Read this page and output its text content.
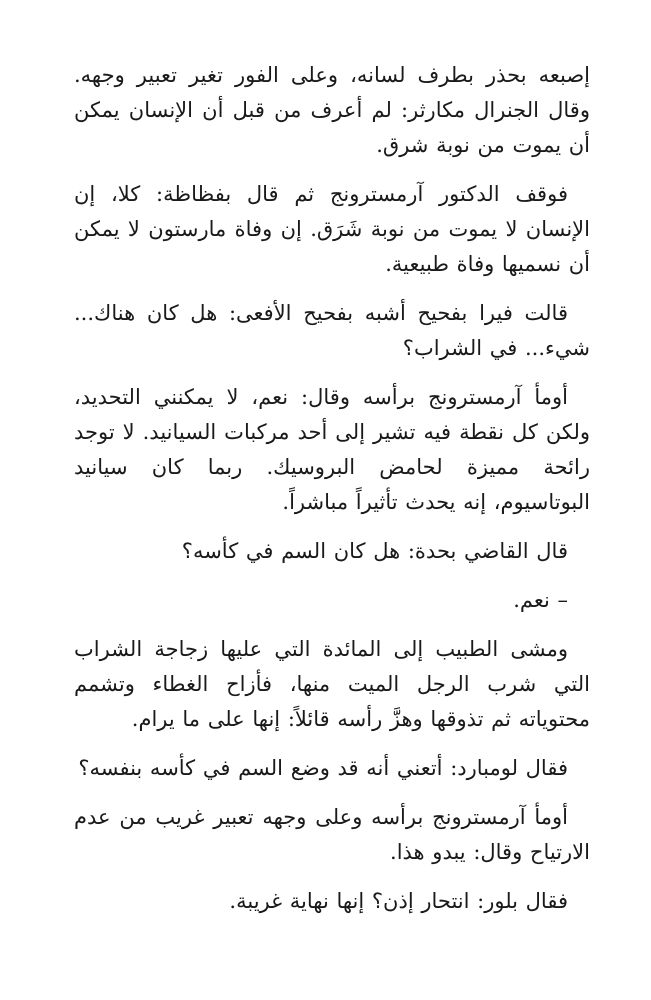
إصبعه بحذر بطرف لسانه، وعلى الفور تغير تعبير وجهه. وقال الجنرال مكارثر: لم أعرف من قبل أن الإنسان يمكن أن يموت من نوبة شرق.

فوقف الدكتور آرمسترونج ثم قال بفظاظة: كلا، إن الإنسان لا يموت من نوبة شَرَق. إن وفاة مارستون لا يمكن أن نسميها وفاة طبيعية.

قالت فيرا بفحيح أشبه بفحيح الأفعى: هل كان هناك... شيء... في الشراب؟

أومأ آرمسترونج برأسه وقال: نعم، لا يمكنني التحديد، ولكن كل نقطة فيه تشير إلى أحد مركبات السيانيد. لا توجد رائحة مميزة لحامض البروسيك. ربما كان سيانيد البوتاسيوم، إنه يحدث تأثيراً مباشراً.

قال القاضي بحدة: هل كان السم في كأسه؟

– نعم.

ومشى الطبيب إلى المائدة التي عليها زجاجة الشراب التي شرب الرجل الميت منها، فأزاح الغطاء وتشمم محتوياته ثم تذوقها وهزَّ رأسه قائلاً: إنها على ما يرام.

فقال لومبارد: أتعني أنه قد وضع السم في كأسه بنفسه؟

أومأ آرمسترونج برأسه وعلى وجهه تعبير غريب من عدم الارتياح وقال: يبدو هذا.

فقال بلور: انتحار إذن؟ إنها نهاية غريبة.
